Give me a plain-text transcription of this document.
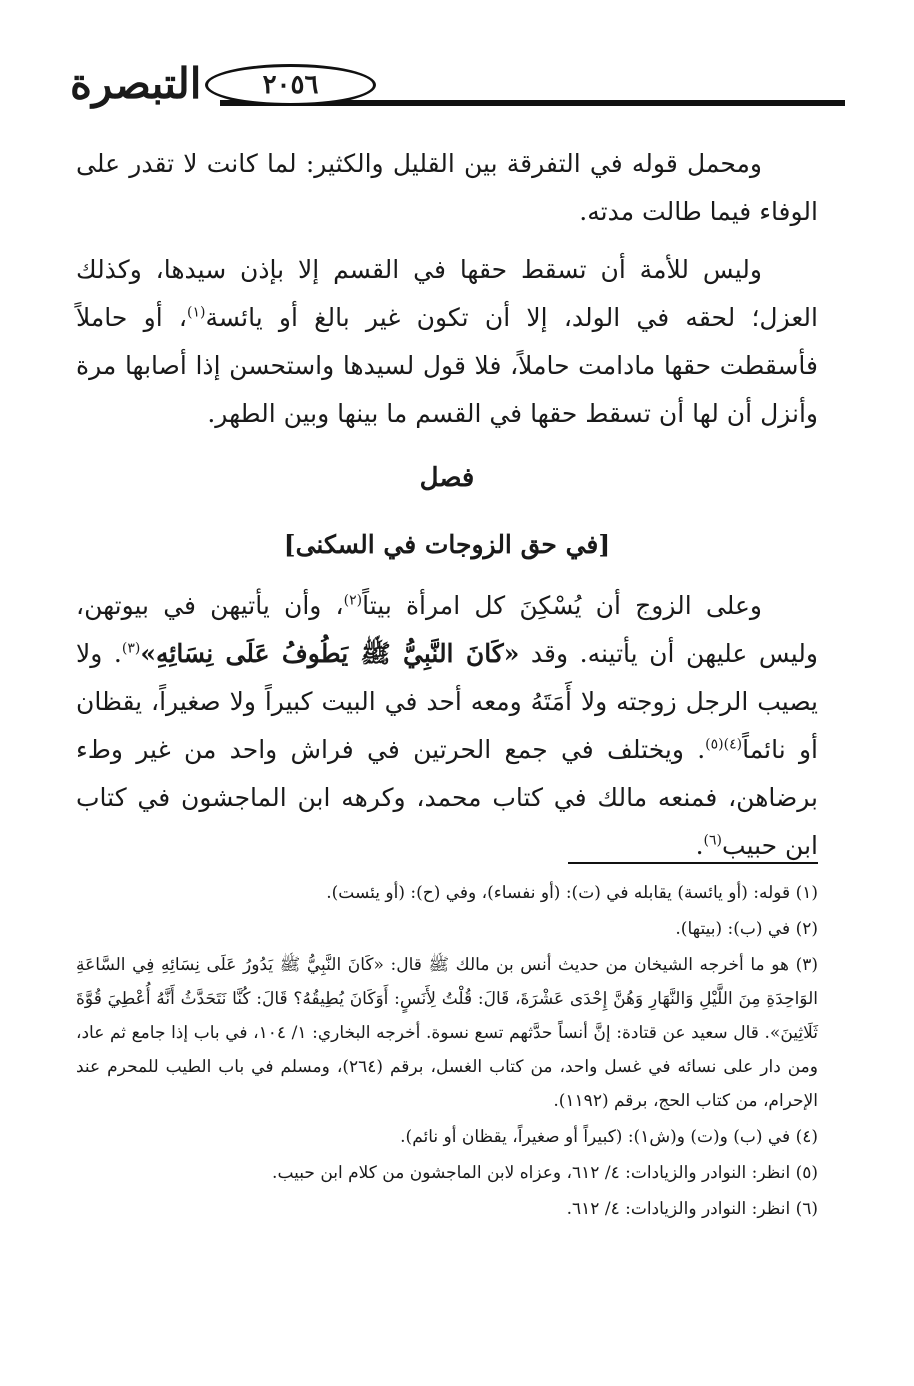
التبصرة ٢٠٥٦

ومحمل قوله في التفرقة بين القليل والكثير: لما كانت لا تقدر على الوفاء فيما طالت مدته.

وليس للأمة أن تسقط حقها في القسم إلا بإذن سيدها، وكذلك العزل؛ لحقه في الولد، إلا أن تكون غير بالغ أو يائسة$^{(١)}$، أو حاملاً فأسقطت حقها مادامت حاملاً، فلا قول لسيدها واستحسن إذا أصابها مرة وأنزل أن لها أن تسقط حقها في القسم ما بينها وبين الطهر.

فصل

[في حق الزوجات في السكنى]

وعلى الزوج أن يُسْكِنَ كل امرأة بيتاً$^{(٢)}$، وأن يأتيهن في بيوتهن، وليس عليهن أن يأتينه. وقد «كَانَ النَّبِيُّ ﷺ يَطُوفُ عَلَى نِسَائِهِ»$^{(٣)}$. ولا يصيب الرجل زوجته ولا أَمَتَهُ ومعه أحد في البيت كبيراً ولا صغيراً، يقظان أو نائماً$^{(٤)(٥)}$. ويختلف في جمع الحرتين في فراش واحد من غير وطء برضاهن، فمنعه مالك في كتاب محمد، وكرهه ابن الماجشون في كتاب ابن حبيب$^{(٦)}$.

(١) قوله: (أو يائسة) يقابله في (ت): (أو نفساء)، وفي (ح): (أو يئست).

(٢) في (ب): (بيتها).

(٣) هو ما أخرجه الشيخان من حديث أنس بن مالك ﷺ قال: «كَانَ النَّبِيُّ ﷺ يَدُورُ عَلَى نِسَائِهِ فِي السَّاعَةِ الوَاحِدَةِ مِنَ اللَّيْلِ وَالنَّهَارِ وَهُنَّ إِحْدَى عَشْرَةَ، قَالَ: قُلْتُ لِأَنَسٍ: أَوَكَانَ يُطِيقُهُ؟ قَالَ: كُنَّا نَتَحَدَّثُ أَنَّهُ أُعْطِيَ قُوَّةَ ثَلَاثِينَ». قال سعيد عن قتادة: إنَّ أنساً حدَّثهم تسع نسوة. أخرجه البخاري: ١/ ١٠٤، في باب إذا جامع ثم عاد، ومن دار على نسائه في غسل واحد، من كتاب الغسل، برقم (٢٦٤)، ومسلم في باب الطيب للمحرم عند الإحرام، من كتاب الحج، برقم (١١٩٢).

(٤) في (ب) و(ت) و(ش١): (كبيراً أو صغيراً، يقظان أو نائم).

(٥) انظر: النوادر والزيادات: ٤/ ٦١٢، وعزاه لابن الماجشون من كلام ابن حبيب.

(٦) انظر: النوادر والزيادات: ٤/ ٦١٢.
